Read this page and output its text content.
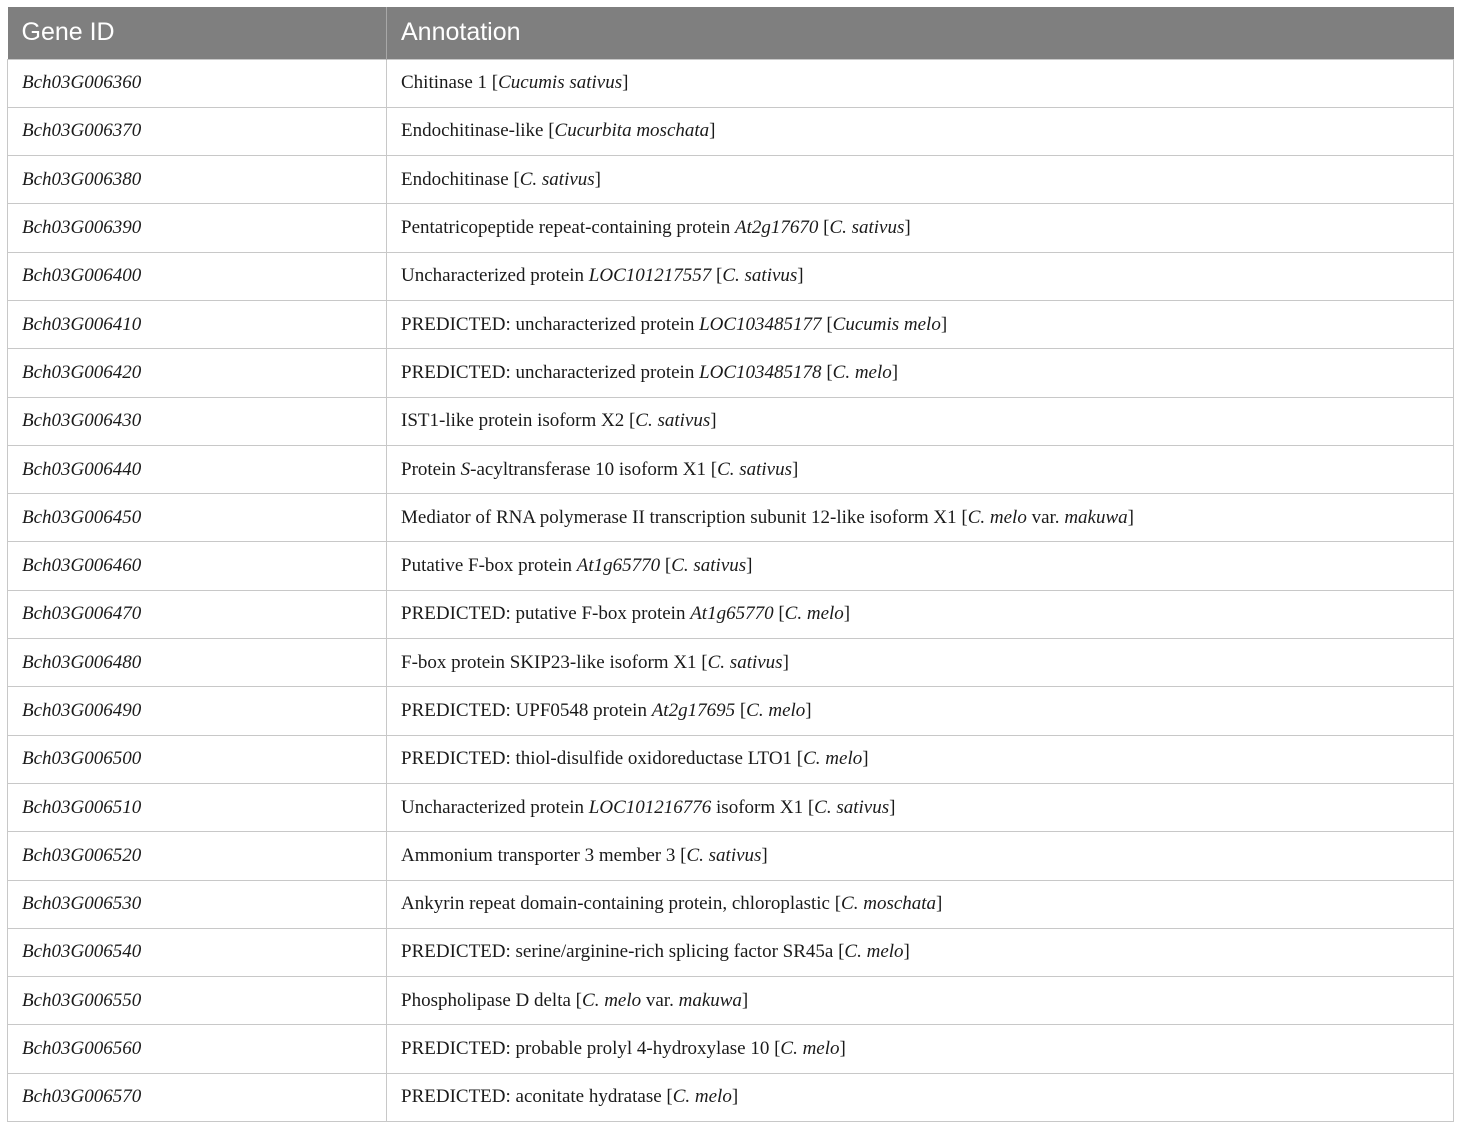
Gene ID	Annotation
Bch03G006360	Chitinase 1 [Cucumis sativus]
Bch03G006370	Endochitinase-like [Cucurbita moschata]
Bch03G006380	Endochitinase [C. sativus]
Bch03G006390	Pentatricopeptide repeat-containing protein At2g17670 [C. sativus]
Bch03G006400	Uncharacterized protein LOC101217557 [C. sativus]
Bch03G006410	PREDICTED: uncharacterized protein LOC103485177 [Cucumis melo]
Bch03G006420	PREDICTED: uncharacterized protein LOC103485178 [C. melo]
Bch03G006430	IST1-like protein isoform X2 [C. sativus]
Bch03G006440	Protein S-acyltransferase 10 isoform X1 [C. sativus]
Bch03G006450	Mediator of RNA polymerase II transcription subunit 12-like isoform X1 [C. melo var. makuwa]
Bch03G006460	Putative F-box protein At1g65770 [C. sativus]
Bch03G006470	PREDICTED: putative F-box protein At1g65770 [C. melo]
Bch03G006480	F-box protein SKIP23-like isoform X1 [C. sativus]
Bch03G006490	PREDICTED: UPF0548 protein At2g17695 [C. melo]
Bch03G006500	PREDICTED: thiol-disulfide oxidoreductase LTO1 [C. melo]
Bch03G006510	Uncharacterized protein LOC101216776 isoform X1 [C. sativus]
Bch03G006520	Ammonium transporter 3 member 3 [C. sativus]
Bch03G006530	Ankyrin repeat domain-containing protein, chloroplastic [C. moschata]
Bch03G006540	PREDICTED: serine/arginine-rich splicing factor SR45a [C. melo]
Bch03G006550	Phospholipase D delta [C. melo var. makuwa]
Bch03G006560	PREDICTED: probable prolyl 4-hydroxylase 10 [C. melo]
Bch03G006570	PREDICTED: aconitate hydratase [C. melo]
